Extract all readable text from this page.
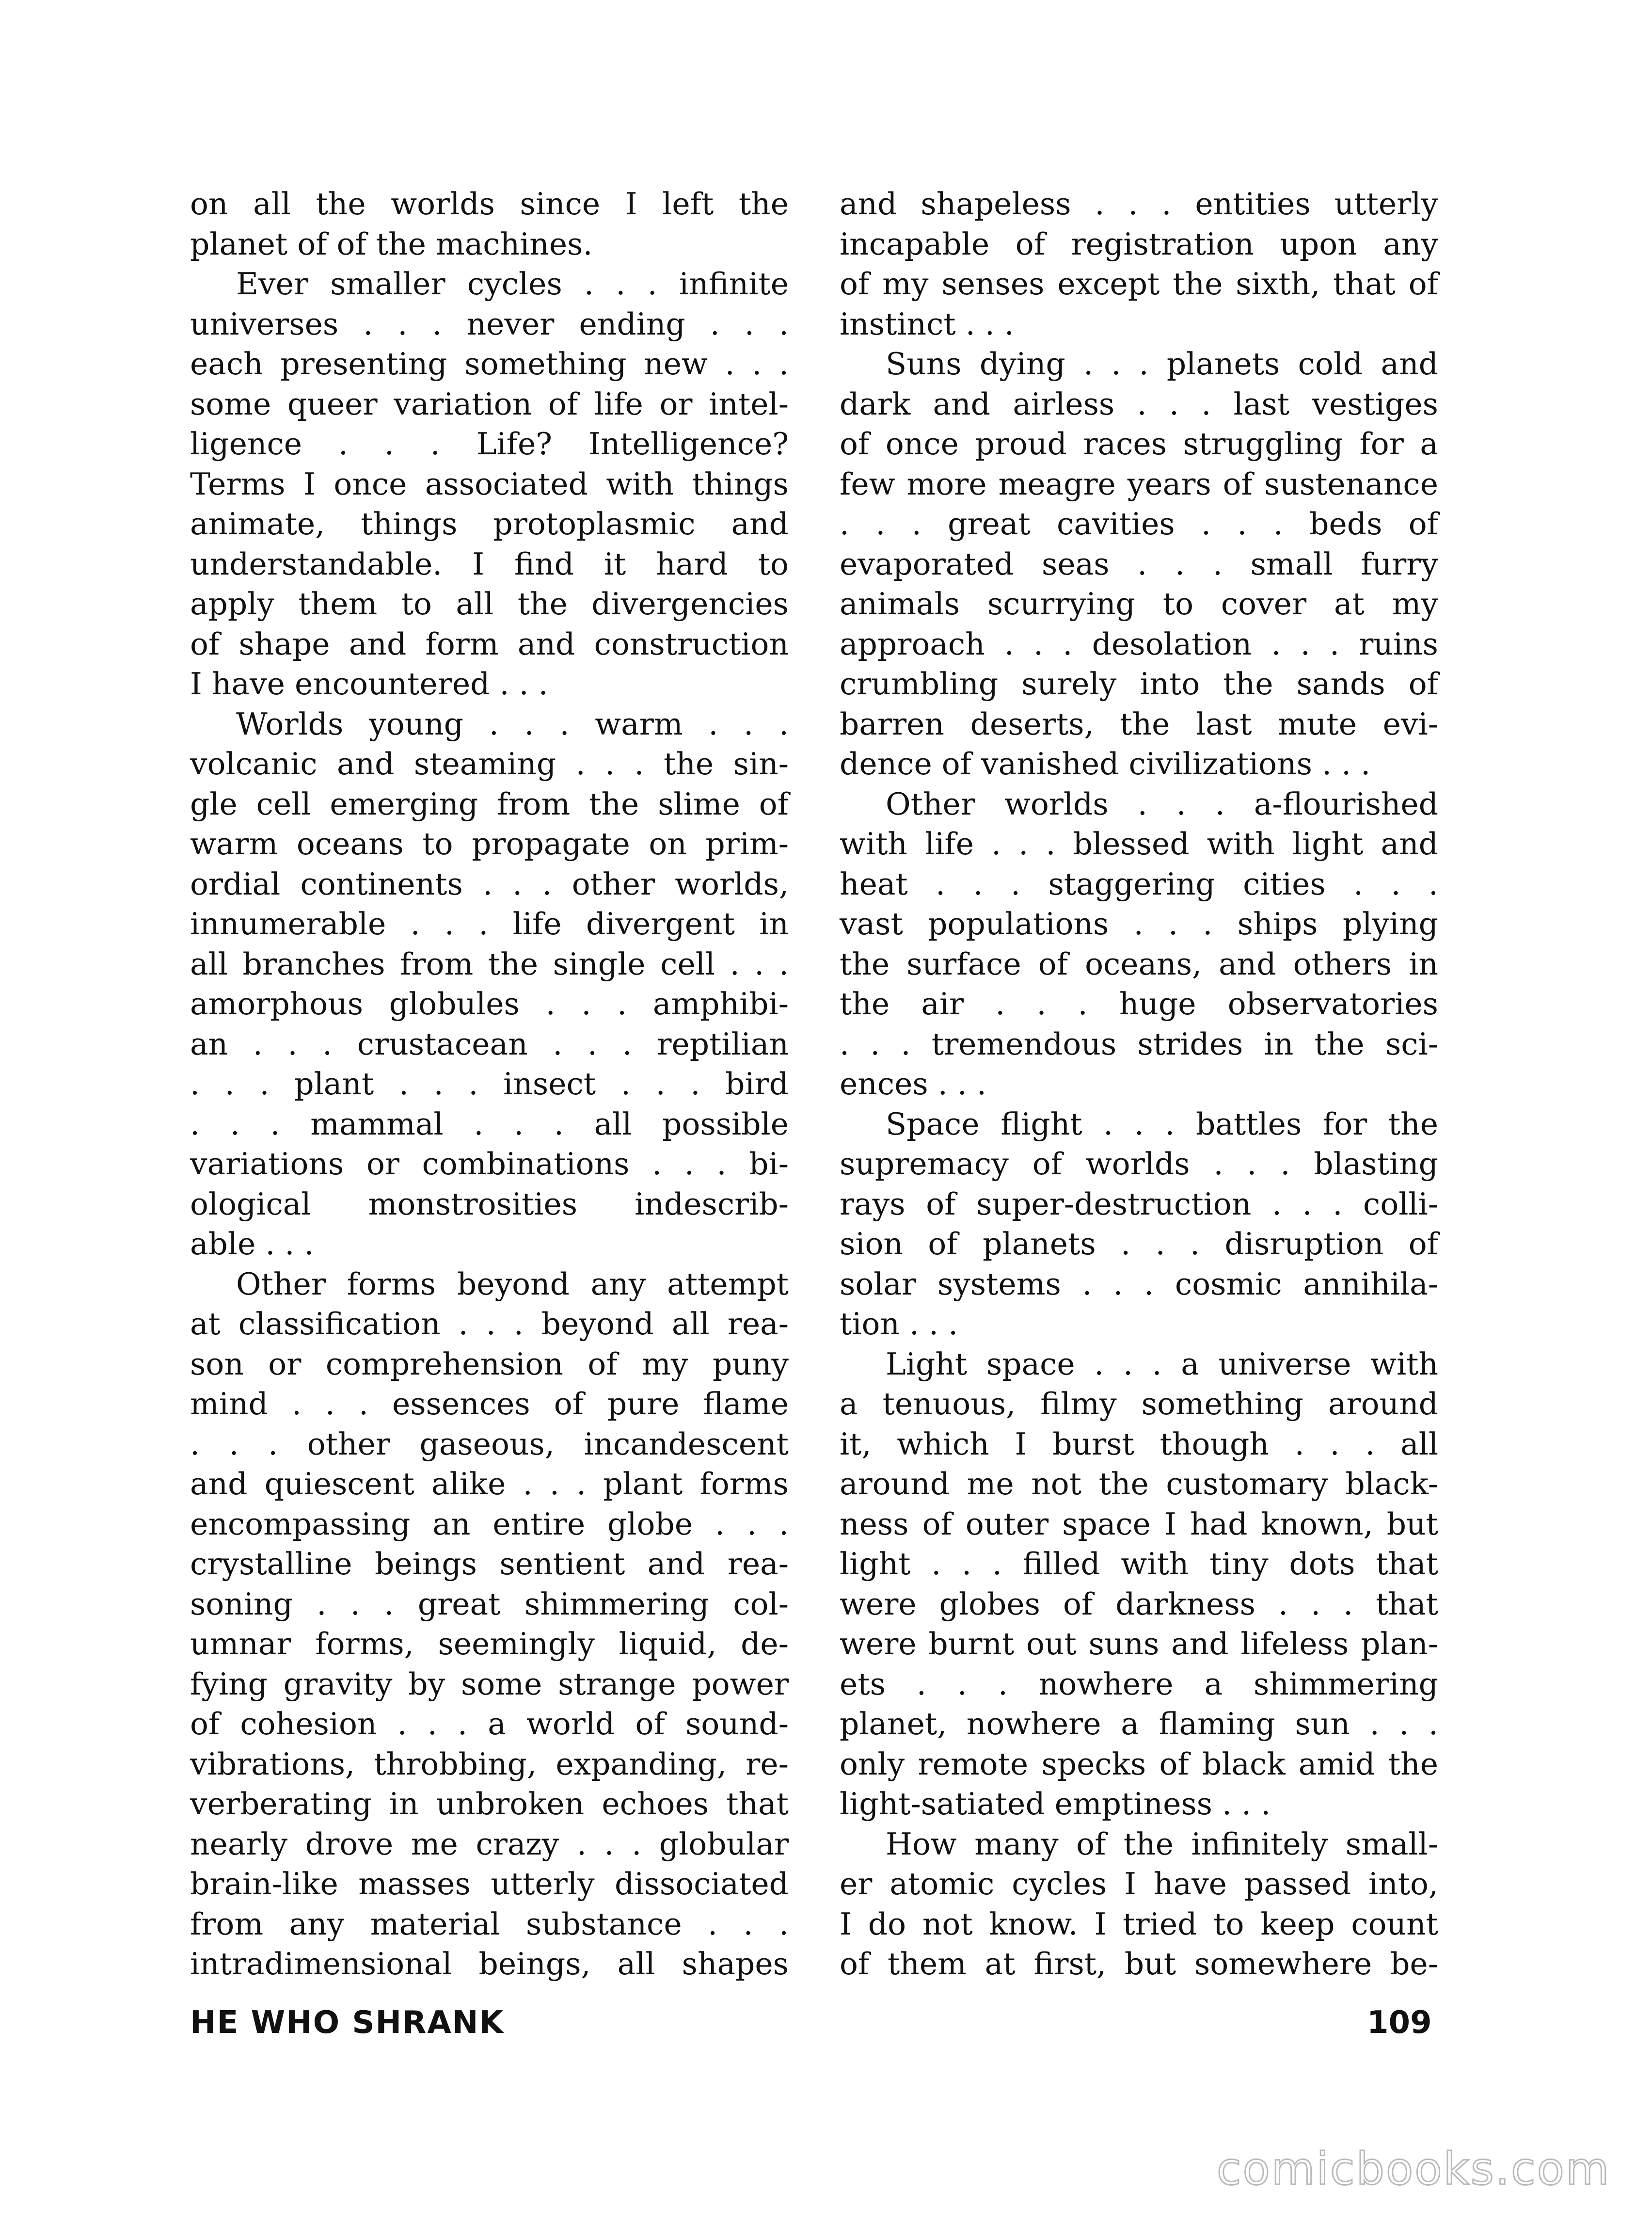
on all the worlds since I left the
planet of of the machines.
Ever smaller cycles . . . infinite
universes . . . never ending . . .
each presenting something new . . .
some queer variation of life or intel-
ligence . . . Life? Intelligence?
Terms I once associated with things
animate, things protoplasmic and
understandable. I find it hard to
apply them to all the divergencies
of shape and form and construction
I have encountered . . .
Worlds young . . . warm . . .
volcanic and steaming . . . the sin-
gle cell emerging from the slime of
warm oceans to propagate on prim-
ordial continents . . . other worlds,
innumerable . . . life divergent in
all branches from the single cell . . .
amorphous globules . . . amphibi-
an . . . crustacean . . . reptilian
. . . plant . . . insect . . . bird
. . . mammal . . . all possible
variations or combinations . . . bi-
ological monstrosities indescrib-
able . . .
Other forms beyond any attempt
at classification . . . beyond all rea-
son or comprehension of my puny
mind . . . essences of pure flame
. . . other gaseous, incandescent
and quiescent alike . . . plant forms
encompassing an entire globe . . .
crystalline beings sentient and rea-
soning . . . great shimmering col-
umnar forms, seemingly liquid, de-
fying gravity by some strange power
of cohesion . . . a world of sound-
vibrations, throbbing, expanding, re-
verberating in unbroken echoes that
nearly drove me crazy . . . globular
brain-like masses utterly dissociated
from any material substance . . .
intradimensional beings, all shapes
and shapeless . . . entities utterly
incapable of registration upon any
of my senses except the sixth, that of
instinct . . .
Suns dying . . . planets cold and
dark and airless . . . last vestiges
of once proud races struggling for a
few more meagre years of sustenance
. . . great cavities . . . beds of
evaporated seas . . . small furry
animals scurrying to cover at my
approach . . . desolation . . . ruins
crumbling surely into the sands of
barren deserts, the last mute evi-
dence of vanished civilizations . . .
Other worlds . . . a-flourished
with life . . . blessed with light and
heat . . . staggering cities . . .
vast populations . . . ships plying
the surface of oceans, and others in
the air . . . huge observatories
. . . tremendous strides in the sci-
ences . . .
Space flight . . . battles for the
supremacy of worlds . . . blasting
rays of super-destruction . . . colli-
sion of planets . . . disruption of
solar systems . . . cosmic annihila-
tion . . .
Light space . . . a universe with
a tenuous, filmy something around
it, which I burst though . . . all
around me not the customary black-
ness of outer space I had known, but
light . . . filled with tiny dots that
were globes of darkness . . . that
were burnt out suns and lifeless plan-
ets . . . nowhere a shimmering
planet, nowhere a flaming sun . . .
only remote specks of black amid the
light-satiated emptiness . . .
How many of the infinitely small-
er atomic cycles I have passed into,
I do not know. I tried to keep count
of them at first, but somewhere be-
HE WHO SHRANK	109
comicbooks.com
